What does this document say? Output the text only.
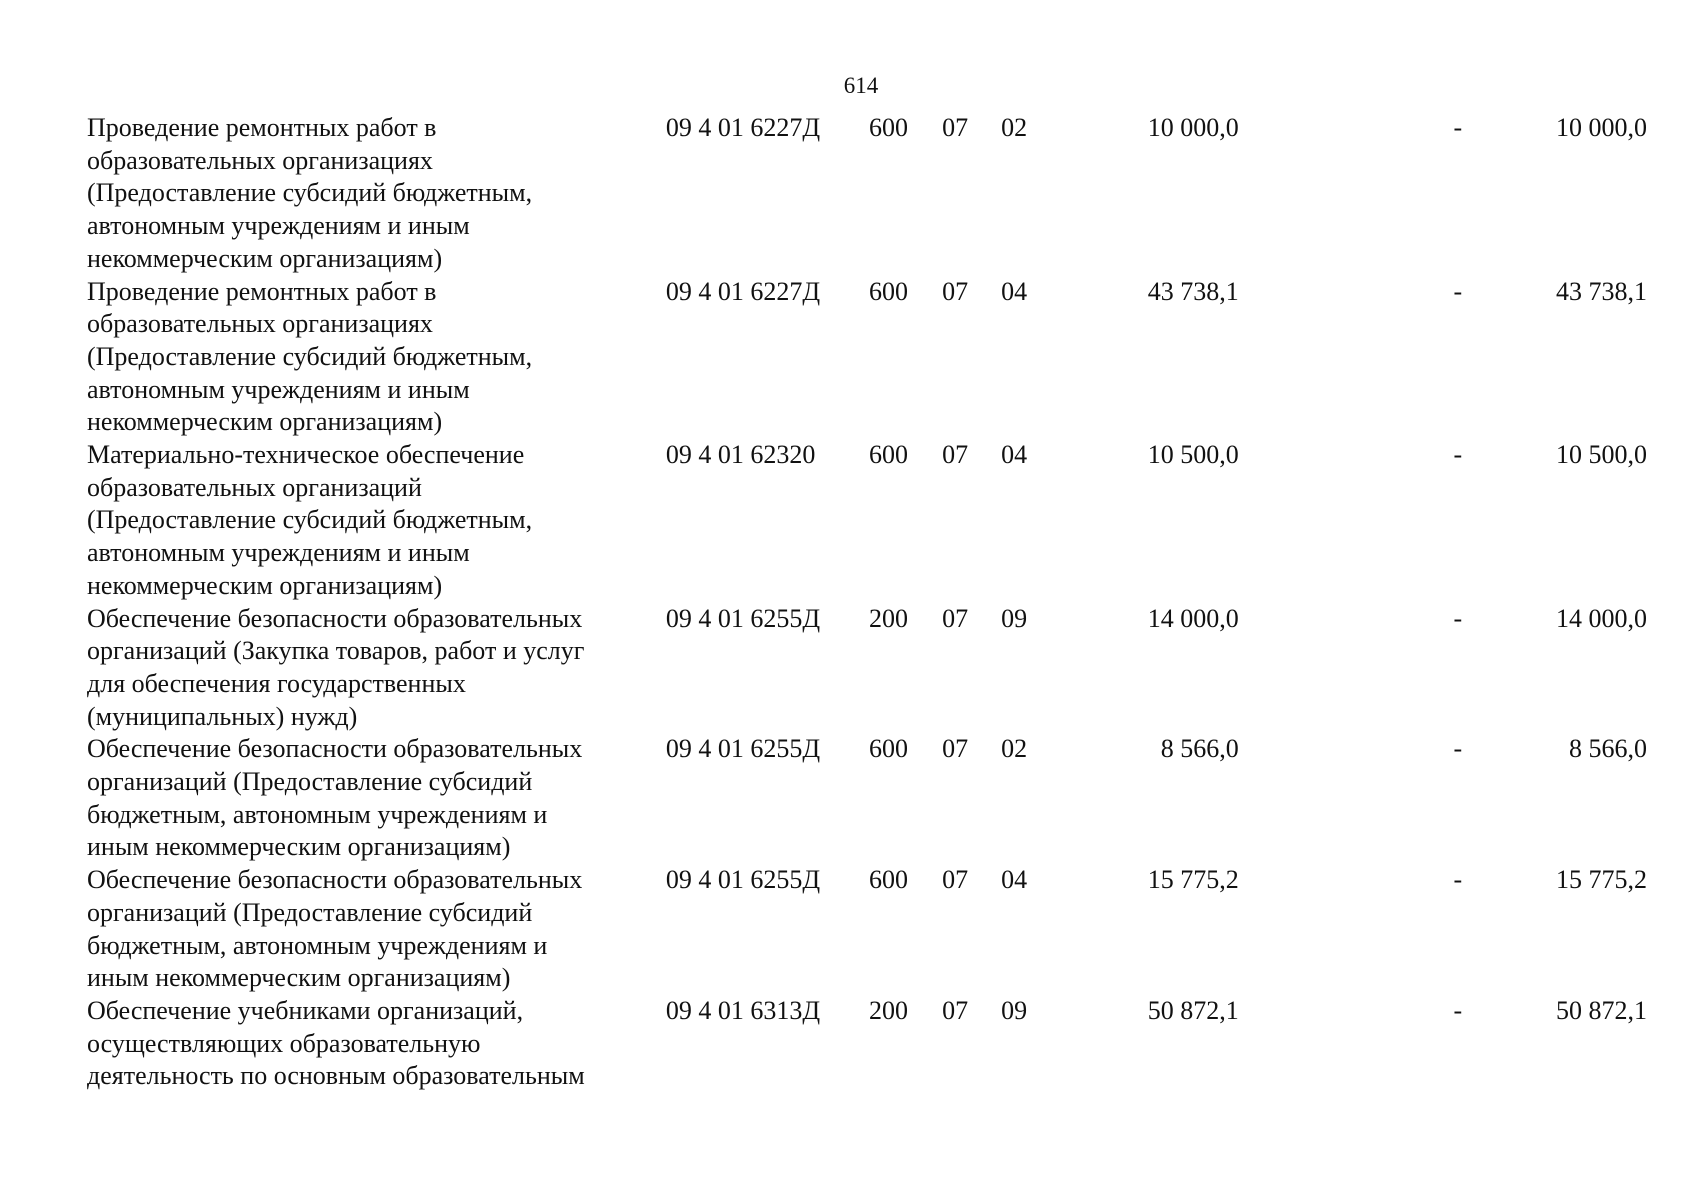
614
Проведение ремонтных работ в
образовательных организациях
(Предоставление субсидий бюджетным,
автономным учреждениям и иным
некоммерческим организациям)	09 4 01 6227Д	600	07	02	10 000,0	-	10 000,0

Проведение ремонтных работ в
образовательных организациях
(Предоставление субсидий бюджетным,
автономным учреждениям и иным
некоммерческим организациям)	09 4 01 6227Д	600	07	04	43 738,1	-	43 738,1

Материально-техническое обеспечение
образовательных организаций
(Предоставление субсидий бюджетным,
автономным учреждениям и иным
некоммерческим организациям)	09 4 01 62320	600	07	04	10 500,0	-	10 500,0

Обеспечение безопасности образовательных
организаций (Закупка товаров, работ и услуг
для обеспечения государственных
(муниципальных) нужд)	09 4 01 6255Д	200	07	09	14 000,0	-	14 000,0

Обеспечение безопасности образовательных
организаций (Предоставление субсидий
бюджетным, автономным учреждениям и
иным некоммерческим организациям)	09 4 01 6255Д	600	07	02	8 566,0	-	8 566,0

Обеспечение безопасности образовательных
организаций (Предоставление субсидий
бюджетным, автономным учреждениям и
иным некоммерческим организациям)	09 4 01 6255Д	600	07	04	15 775,2	-	15 775,2

Обеспечение учебниками организаций,
осуществляющих образовательную
деятельность по основным образовательным	09 4 01 6313Д	200	07	09	50 872,1	-	50 872,1
